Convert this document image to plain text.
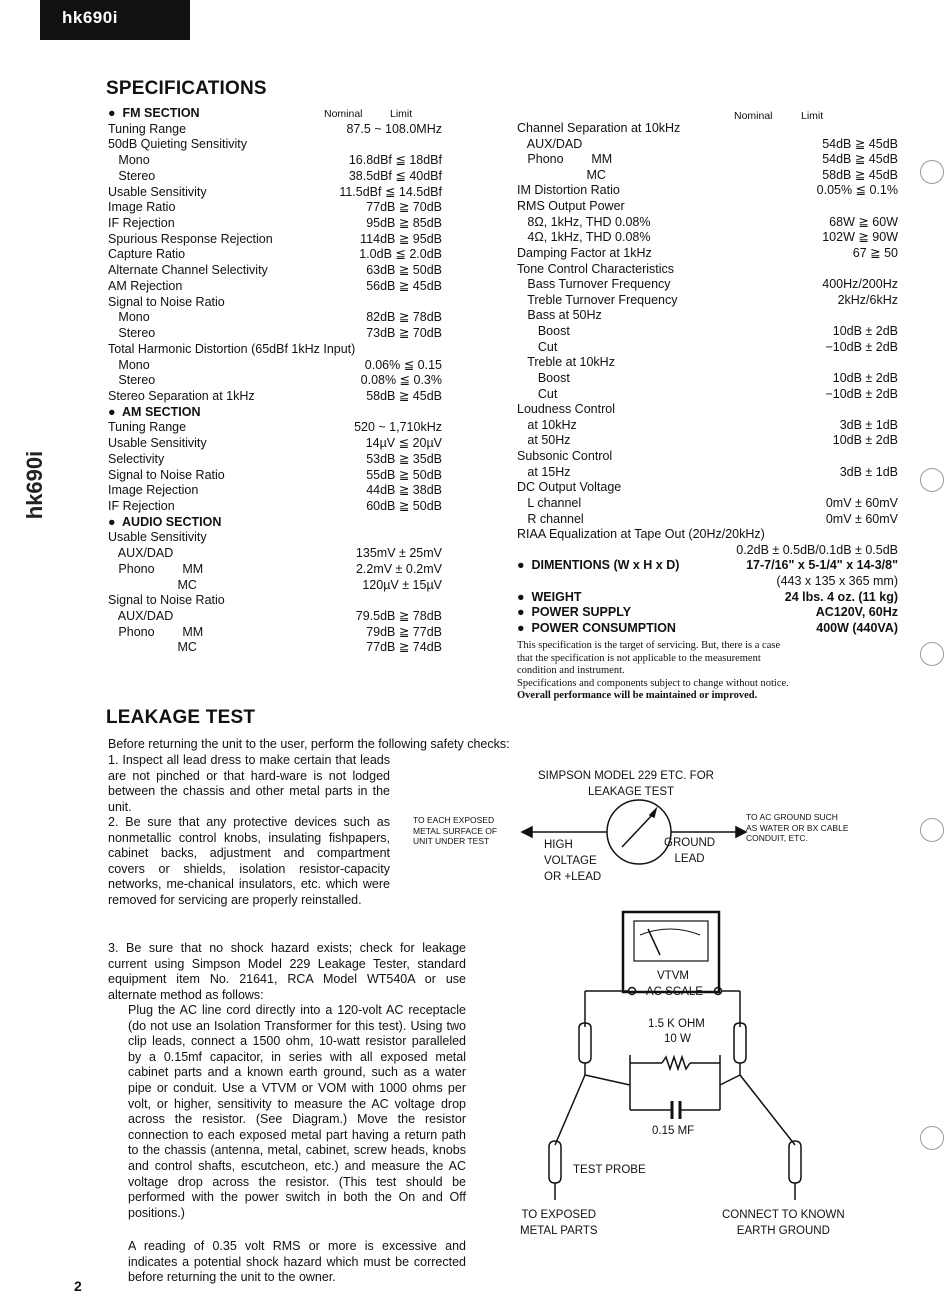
hk690i
hk690i
SPECIFICATIONS
Nominal	Limit	Nominal	Limit
●  FM SECTION
Tuning Range	87.5 ~ 108.0MHz
50dB Quieting Sensitivity
Mono	16.8dBf ≦ 18dBf
Stereo	38.5dBf ≦ 40dBf
Usable Sensitivity	11.5dBf ≦ 14.5dBf
Image Ratio	77dB ≧ 70dB
IF Rejection	95dB ≧ 85dB
Spurious Response Rejection	114dB ≧ 95dB
Capture Ratio	1.0dB ≦ 2.0dB
Alternate Channel Selectivity	63dB ≧ 50dB
AM Rejection	56dB ≧ 45dB
Signal to Noise Ratio
Mono	82dB ≧ 78dB
Stereo	73dB ≧ 70dB
Total Harmonic Distortion (65dBf 1kHz Input)
Mono	0.06% ≦ 0.15
Stereo	0.08% ≦ 0.3%
Stereo Separation at 1kHz	58dB ≧ 45dB
●  AM SECTION
Tuning Range	520 ~ 1,710kHz
Usable Sensitivity	14µV ≦ 20µV
Selectivity	53dB ≧ 35dB
Signal to Noise Ratio	55dB ≧ 50dB
Image Rejection	44dB ≧ 38dB
IF Rejection	60dB ≧ 50dB
●  AUDIO SECTION
Usable Sensitivity
AUX/DAD	135mV ± 25mV
Phono        MM	2.2mV ± 0.2mV
MC	120µV ± 15µV
Signal to Noise Ratio
AUX/DAD	79.5dB ≧ 78dB
Phono        MM	79dB ≧ 77dB
MC	77dB ≧ 74dB
Channel Separation at 10kHz
AUX/DAD	54dB ≧ 45dB
Phono        MM	54dB ≧ 45dB
MC	58dB ≧ 45dB
IM Distortion Ratio	0.05% ≦ 0.1%
RMS Output Power
8Ω, 1kHz, THD 0.08%	68W ≧ 60W
4Ω, 1kHz, THD 0.08%	102W ≧ 90W
Damping Factor at 1kHz	67 ≧ 50
Tone Control Characteristics
Bass Turnover Frequency	400Hz/200Hz
Treble Turnover Frequency	2kHz/6kHz
Bass at 50Hz
Boost	10dB ± 2dB
Cut	−10dB ± 2dB
Treble at 10kHz
Boost	10dB ± 2dB
Cut	−10dB ± 2dB
Loudness Control
at 10kHz	3dB ± 1dB
at 50Hz	10dB ± 2dB
Subsonic Control
at 15Hz	3dB ± 1dB
DC Output Voltage
L channel	0mV ± 60mV
R channel	0mV ± 60mV
RIAA Equalization at Tape Out (20Hz/20kHz)
0.2dB ± 0.5dB/0.1dB ± 0.5dB
●  DIMENTIONS (W x H x D)	17-7/16" x 5-1/4" x 14-3/8"
(443 x 135 x 365 mm)
●  WEIGHT	24 lbs. 4 oz. (11 kg)
●  POWER SUPPLY	AC120V, 60Hz
●  POWER CONSUMPTION	400W (440VA)
This specification is the target of servicing. But, there is a case
that the specification is not applicable to the measurement
condition and instrument.
Specifications and components subject to change without notice.
Overall performance will be maintained or improved.
LEAKAGE TEST
Before returning the unit to the user, perform the following safety checks:
1. Inspect all lead dress to make certain that leads are not pinched or that hard-ware is not lodged between the chassis and other metal parts in the unit.
2. Be sure that any protective devices such as nonmetallic control knobs, insulating fishpapers, cabinet backs, adjustment and compartment covers or shields, isolation resistor-capacity networks, me-chanical insulators, etc. which were removed for servicing are properly reinstalled.
3. Be sure that no shock hazard exists; check for leakage current using Simpson Model 229 Leakage Tester, standard equipment item No. 21641, RCA Model WT540A or use alternate method as follows:
Plug the AC line cord directly into a 120-volt AC receptacle (do not use an Isolation Transformer for this test). Using two clip leads, connect a 1500 ohm, 10-watt resistor paralleled by a 0.15mf capacitor, in series with all exposed metal cabinet parts and a known earth ground, such as a water pipe or conduit. Use a VTVM or VOM with 1000 ohms per volt, or higher, sensitivity to measure the AC voltage drop across the resistor. (See Diagram.) Move the resistor connection to each exposed metal part having a return path to the chassis (antenna, metal, cabinet, screw heads, knobs and control shafts, escutcheon, etc.) and measure the AC voltage drop across the resistor. (This test should be performed with the power switch in both the On and Off positions.)
A reading of 0.35 volt RMS or more is excessive and indicates a potential shock hazard which must be corrected before returning the unit to the owner.
SIMPSON MODEL 229 ETC. FOR
LEAKAGE TEST
TO EACH EXPOSED
METAL SURFACE OF
UNIT UNDER TEST
TO AC GROUND SUCH
AS WATER OR BX CABLE
CONDUIT, ETC.
HIGH
VOLTAGE
OR +LEAD
GROUND
LEAD
VTVM
AC SCALE
1.5 K OHM
10 W
0.15 MF
TEST PROBE
TO EXPOSED
METAL PARTS
CONNECT TO KNOWN
EARTH GROUND
2
